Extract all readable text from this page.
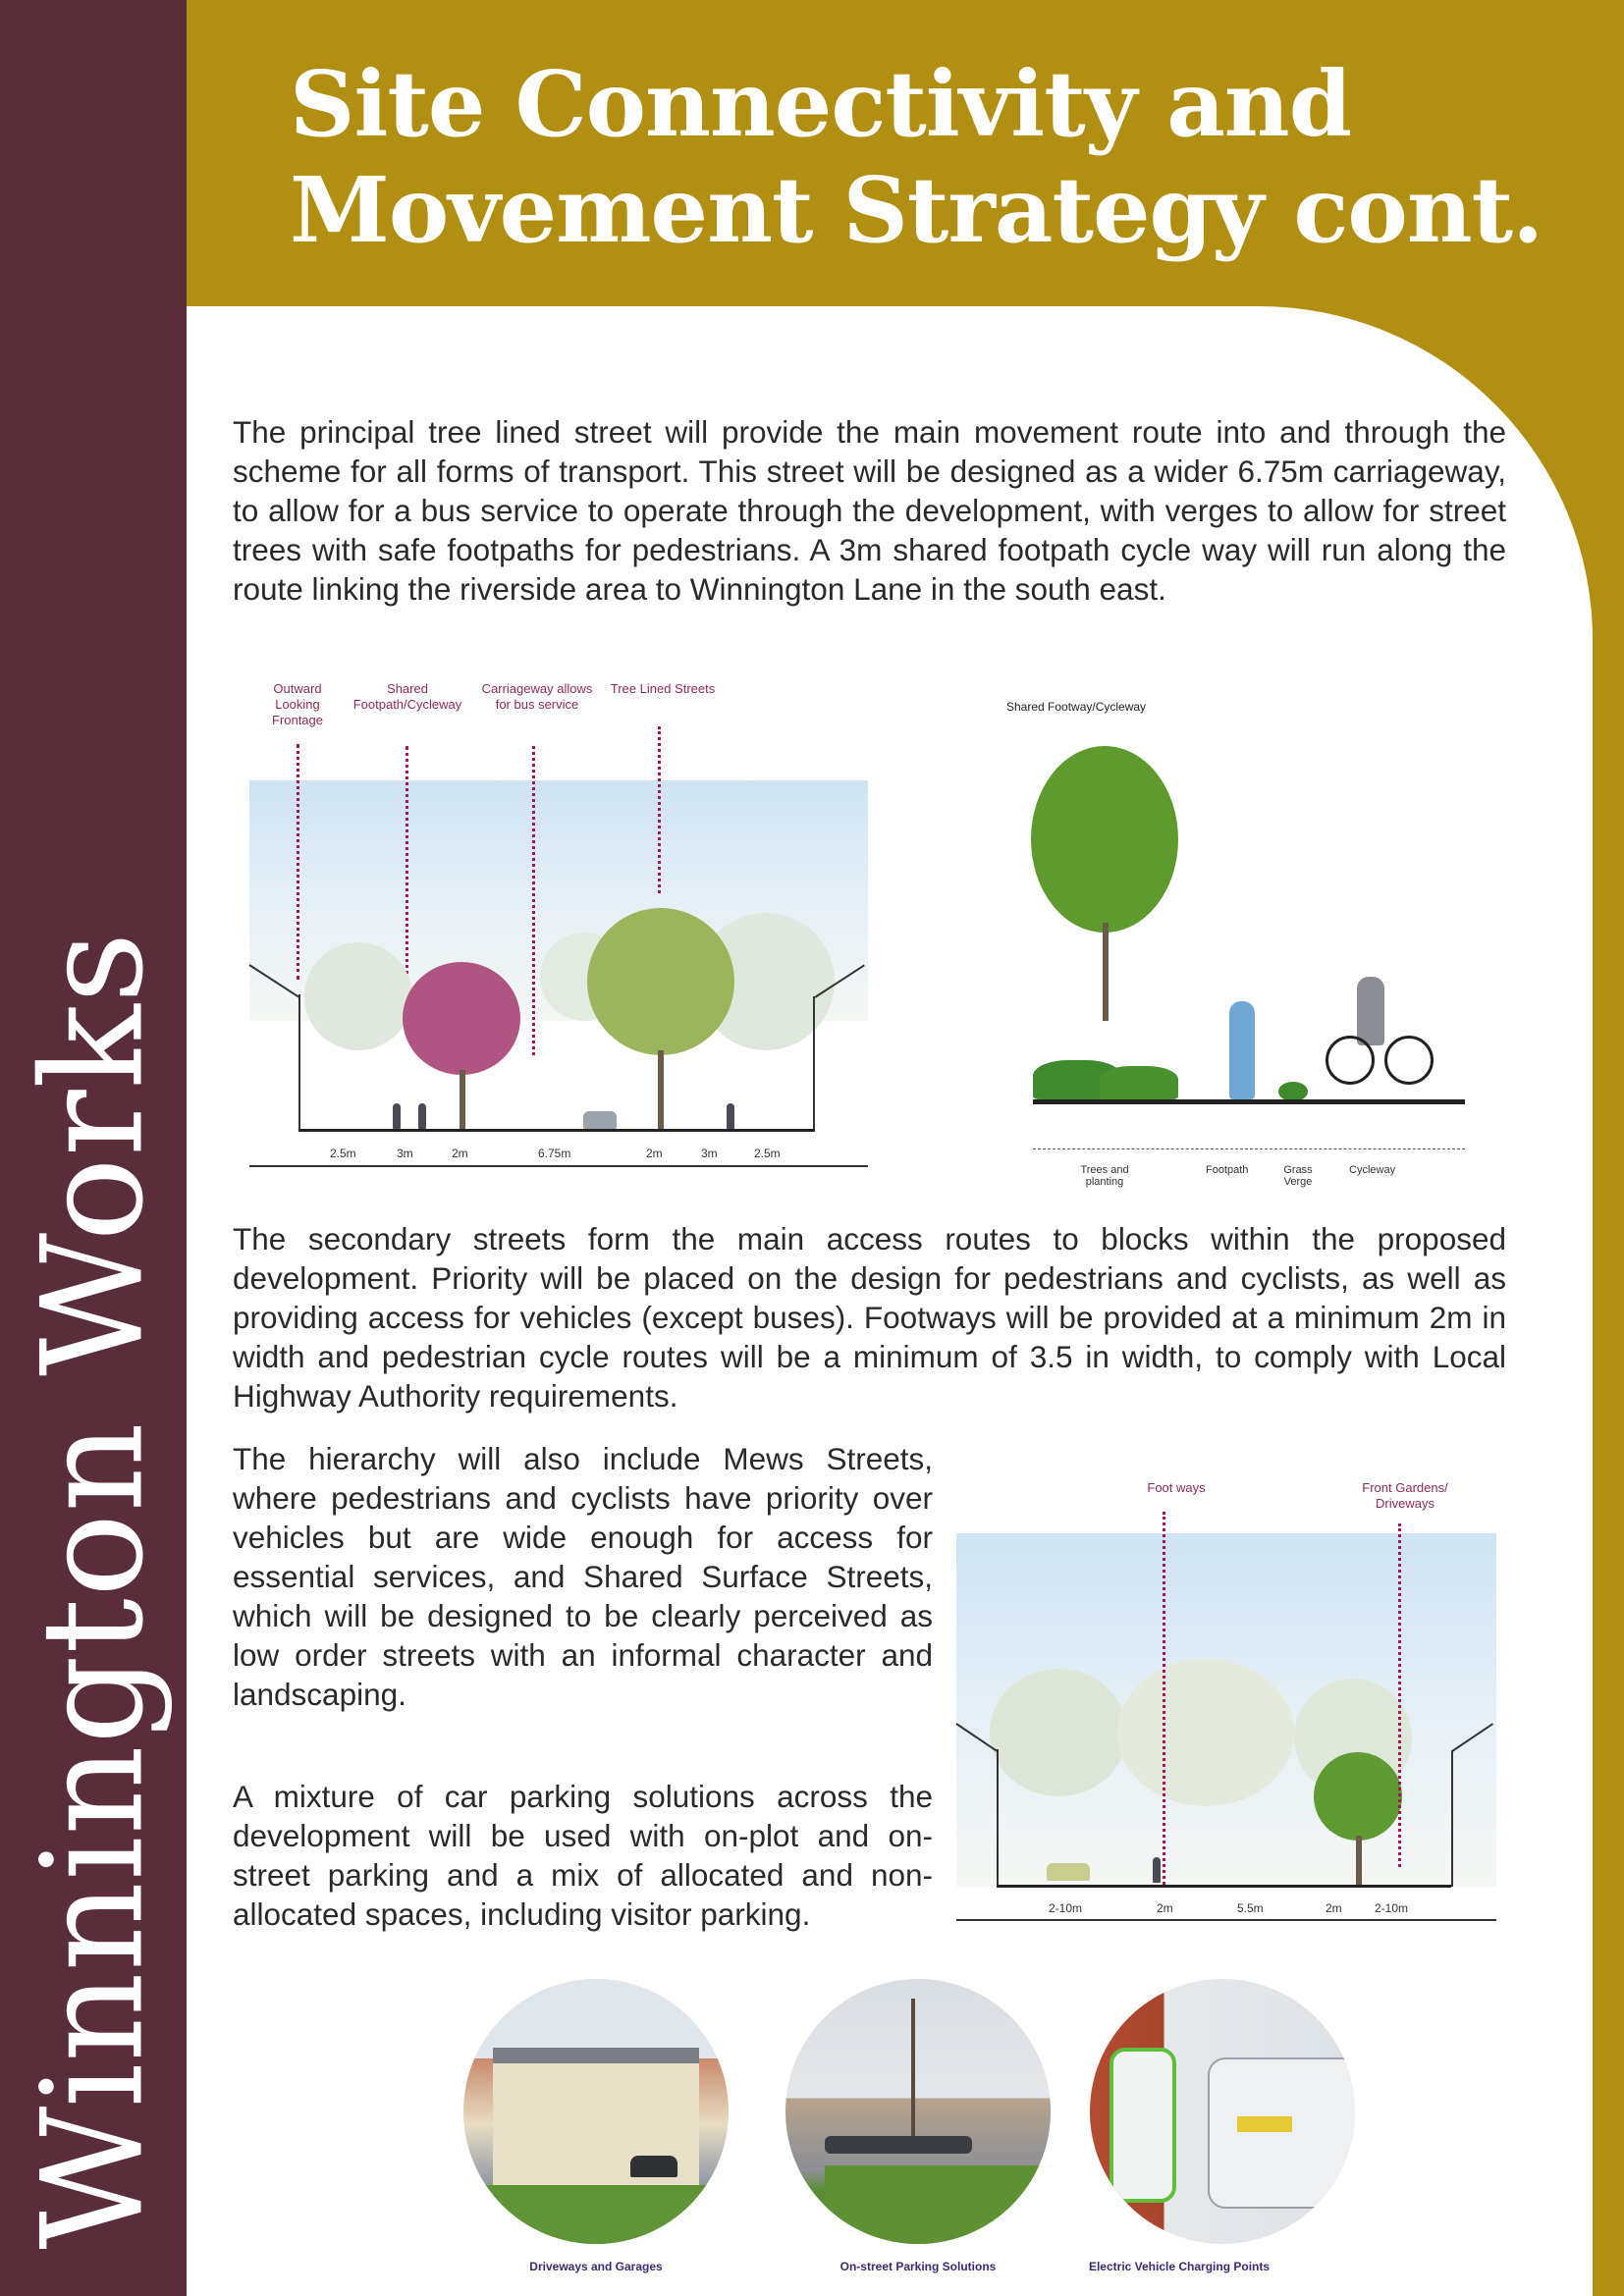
Winnington Works
Site Connectivity and
Movement Strategy cont.

The principal tree lined street will provide the main movement route into and through the scheme for all forms of transport. This street will be designed as a wider 6.75m carriageway, to allow for a bus service to operate through the development, with verges to allow for street trees with safe footpaths for pedestrians. A 3m shared footpath cycle way will run along the route linking the riverside area to Winnington Lane in the south east.

Outward Looking Frontage
Shared Footpath/Cycleway
Carriageway allows for bus service
Tree Lined Streets
2.5m	3m	2m	6.75m	2m	3m	2.5m
Shared Footway/Cycleway
Trees and planting
Footpath	Grass Verge
Cycleway

The secondary streets form the main access routes to blocks within the proposed development. Priority will be placed on the design for pedestrians and cyclists, as well as providing access for vehicles (except buses). Footways will be provided at a minimum 2m in width and pedestrian cycle routes will be a minimum of 3.5 in width, to comply with Local Highway Authority requirements.

The hierarchy will also include Mews Streets, where pedestrians and cyclists have priority over vehicles but are wide enough for access for essential services, and Shared Surface Streets, which will be designed to be clearly perceived as low order streets with an informal character and landscaping.

A mixture of car parking solutions across the development will be used with on-plot and on-street parking and a mix of allocated and non-allocated spaces, including visitor parking.

Foot ways	Front Gardens/ Driveways
2-10m	2m	5.5m	2m	2-10m
Driveways and Garages	On-street Parking Solutions	Electric Vehicle Charging Points
